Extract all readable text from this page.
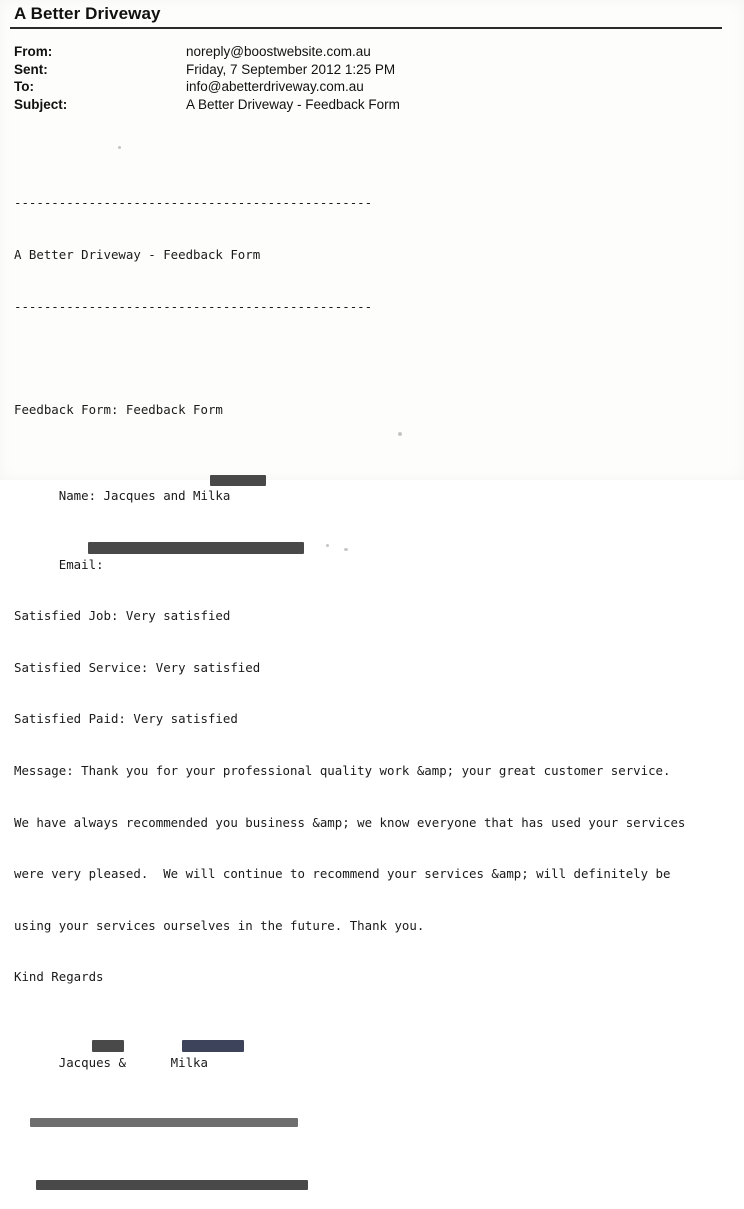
A Better Driveway
From:	noreply@boostwebsite.com.au
Sent:	Friday, 7 September 2012 1:25 PM
To:	info@abetterdriveway.com.au
Subject:	A Better Driveway - Feedback Form

------------------------------------------------

A Better Driveway - Feedback Form

------------------------------------------------

Feedback Form: Feedback Form

Name: Jacques and Milka

Email:

Satisfied Job: Very satisfied

Satisfied Service: Very satisfied

Satisfied Paid: Very satisfied

Message: Thank you for your professional quality work &amp; your great customer service.

We have always recommended you business &amp; we know everyone that has used your services

were very pleased.  We will continue to recommend your services &amp; will definitely be

using your services ourselves in the future. Thank you.

Kind Regards

Jacques &      Milka
